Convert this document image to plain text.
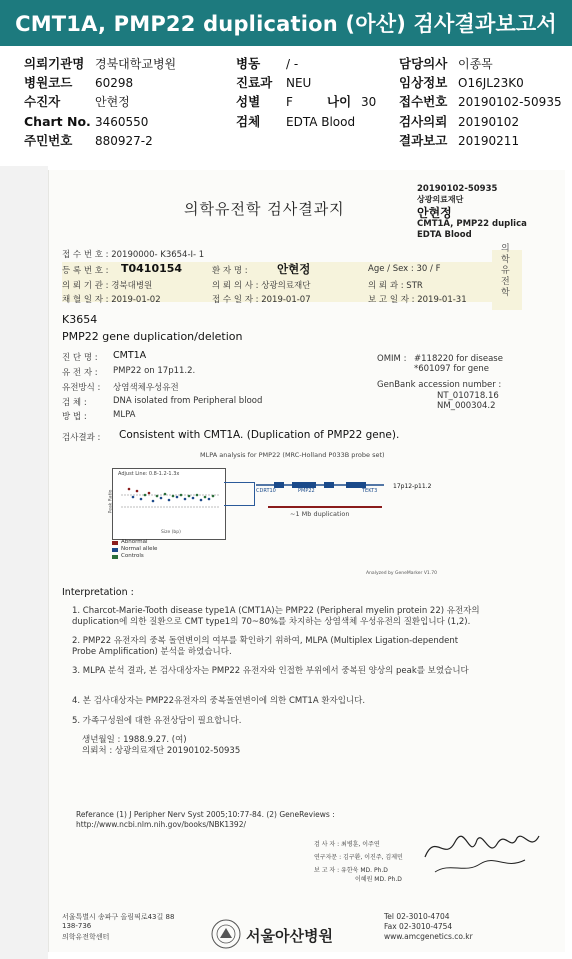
CMT1A, PMP22 duplication (아산) 검사결과보고서
의뢰기관명 경북대학교병원	병동 / -	담당의사 이종목
병원코드 60298	진료과 NEU	임상정보 O16JL23K0
수진자	안현정	성별 F	나이 30 접수번호 20190102-50935
Chart No. 3460550	검체 EDTA Blood	검사의뢰 20190102
주민번호 880927-2	결과보고 20190211
20190102-50935
상광의료재단
안현정
CMT1A, PMP22 duplica
EDTA Blood
의학유전학 검사결과지
의학유전학
접 수 번 호 : 20190000- K3654-I- 1
등 록 번 호 : T0410154	환 자 명 :	안현정	Age / Sex : 30 / F
의 뢰 기 관 : 경북대병원	의 뢰 의 사 : 상광의료재단	의 뢰 과 : STR
채 혈 일 자 : 2019-01-02	접 수 일 자 : 2019-01-07	보 고 일 자 : 2019-01-31
K3654
PMP22 gene duplication/deletion
진 단 명 : CMT1A
유 전 자 : PMP22 on 17p11.2.
유전방식 : 상염색체우성유전
검 체 :	DNA isolated from Peripheral blood
방 법 :	MLPA
OMIM : #118220 for disease
*601097 for gene
GenBank accession number :
NT_010718.16
NM_000304.2
검사결과 : Consistent with CMT1A. (Duplication of PMP22 gene).
MLPA analysis for PMP22 (MRC-Holland P033B probe set)
Adjust Line: 0.8-1.2-1.3x
Peak Ratio
Size (bp)
Abnormal
Normal allele
Controls
CDRT10	PMP22	TEKT3
17p12-p11.2
~1 Mb duplication
Analyzed by GeneMarker V1.70
Interpretation :
1. Charcot-Marie-Tooth disease type1A (CMT1A)는 PMP22 (Peripheral myelin protein 22) 유전자의
duplication에 의한 질환으로 CMT type1의 70~80%를 차지하는 상염색체 우성유전의 질환입니다 (1,2).
2. PMP22 유전자의 중복 돌연변이의 여부를 확인하기 위하여, MLPA (Multiplex Ligation-dependent
Probe Amplification) 분석을 하였습니다.
3. MLPA 분석 결과, 본 검사대상자는 PMP22 유전자와 인접한 부위에서 중복된 양상의 peak를 보였습니다
4. 본 검사대상자는 PMP22유전자의 중복돌연변이에 의한 CMT1A 환자입니다.
5. 가족구성원에 대한 유전상담이 필요합니다.
생년월일 : 1988.9.27. (여)
의뢰처 : 상광의료재단 20190102-50935
Referance (1) J Peripher Nerv Syst 2005;10:77-84. (2) GeneReviews :
http://www.ncbi.nlm.nih.gov/books/NBK1392/
검 사 자 : 최병훈, 이주연
연구자문 : 김구환, 이진주, 김제민
보 고 자 : 유한욱 MD. Ph.D
이혜원 MD. Ph.D
서울특별시 송파구 올림픽로43길 88
138-736
의학유전학센터	서울아산병원
Tel 02-3010-4704
Fax 02-3010-4754
www.amcgenetics.co.kr
